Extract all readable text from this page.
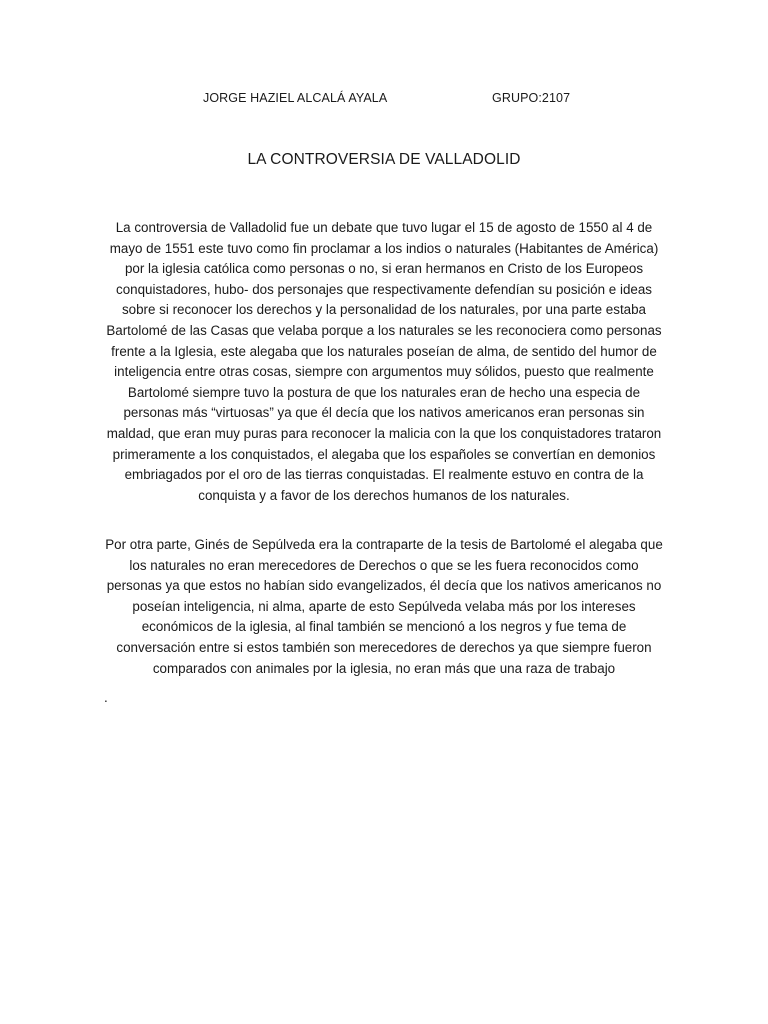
JORGE HAZIEL ALCALÁ AYALA	GRUPO:2107
LA CONTROVERSIA DE VALLADOLID

La controversia de Valladolid fue un debate que tuvo lugar el 15 de agosto de 1550 al 4 de mayo de 1551 este tuvo como fin proclamar a los indios o naturales (Habitantes de América) por la iglesia católica como personas o no, si eran hermanos en Cristo de los Europeos conquistadores, hubo- dos personajes que respectivamente defendían su posición e ideas sobre si reconocer los derechos y la personalidad de los naturales, por una parte estaba Bartolomé de las Casas que velaba porque a los naturales se les reconociera como personas frente a la Iglesia, este alegaba que los naturales poseían de alma, de sentido del humor de inteligencia entre otras cosas, siempre con argumentos muy sólidos, puesto que realmente Bartolomé siempre tuvo la postura de que los naturales eran de hecho una especia de personas más “virtuosas” ya que él decía que los nativos americanos eran personas sin maldad, que eran muy puras para reconocer la malicia con la que los conquistadores trataron primeramente a los conquistados, el alegaba que los españoles se convertían en demonios embriagados por el oro de las tierras conquistadas. El realmente estuvo en contra de la conquista y a favor de los derechos humanos de los naturales.

Por otra parte, Ginés de Sepúlveda era la contraparte de la tesis de Bartolomé el alegaba que los naturales no eran merecedores de Derechos o que se les fuera reconocidos como personas ya que estos no habían sido evangelizados, él decía que los nativos americanos no poseían inteligencia, ni alma, aparte de esto Sepúlveda velaba más por los intereses económicos de la iglesia, al final también se mencionó a los negros y fue tema de conversación entre si estos también son merecedores de derechos ya que siempre fueron comparados con animales por la iglesia, no eran más que una raza de trabajo

.
